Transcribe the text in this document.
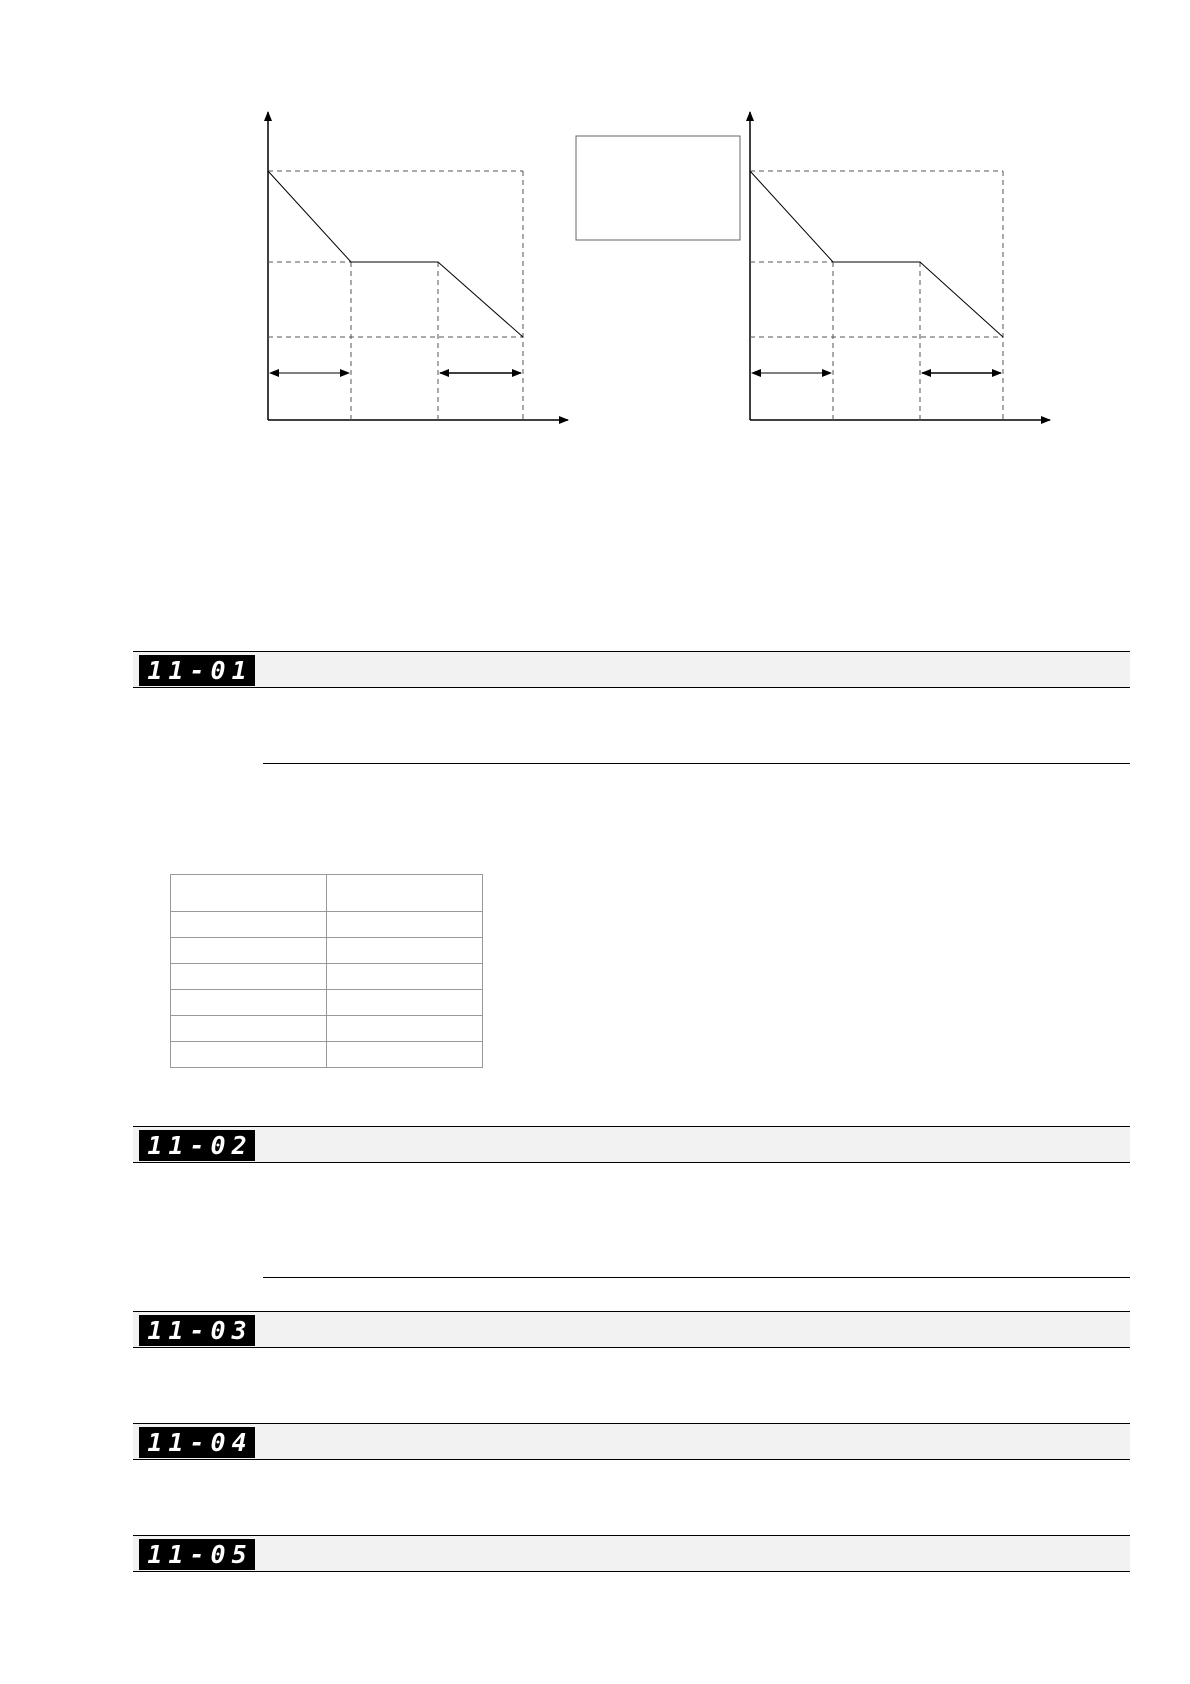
11-01

11-02
11-03
11-04
11-05
